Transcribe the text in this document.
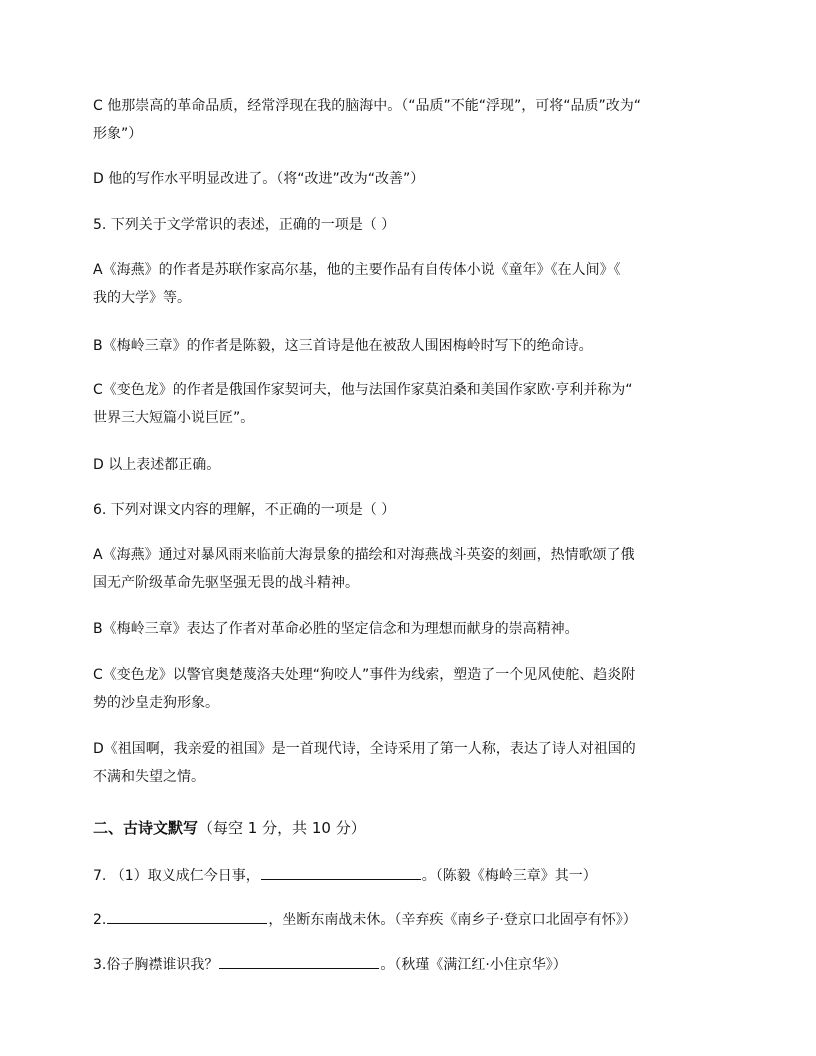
C 他那崇高的革命品质，经常浮现在我的脑海中。（“品质”不能“浮现”，可将“品质”改为“
形象”）

D 他的写作水平明显改进了。（将“改进”改为“改善”）

5. 下列关于文学常识的表述，正确的一项是（ ）

A《海燕》的作者是苏联作家高尔基，他的主要作品有自传体小说《童年》《在人间》《
我的大学》等。

B《梅岭三章》的作者是陈毅，这三首诗是他在被敌人围困梅岭时写下的绝命诗。

C《变色龙》的作者是俄国作家契诃夫，他与法国作家莫泊桑和美国作家欧·亨利并称为“
世界三大短篇小说巨匠”。

D 以上表述都正确。

6. 下列对课文内容的理解，不正确的一项是（ ）

A《海燕》通过对暴风雨来临前大海景象的描绘和对海燕战斗英姿的刻画，热情歌颂了俄
国无产阶级革命先驱坚强无畏的战斗精神。

B《梅岭三章》表达了作者对革命必胜的坚定信念和为理想而献身的崇高精神。

C《变色龙》以警官奥楚蔑洛夫处理“狗咬人”事件为线索，塑造了一个见风使舵、趋炎附
势的沙皇走狗形象。

D《祖国啊，我亲爱的祖国》是一首现代诗，全诗采用了第一人称，表达了诗人对祖国的
不满和失望之情。

二、古诗文默写（每空 1 分，共 10 分）

7. （1）取义成仁今日事，	。（陈毅《梅岭三章》其一）

2.	，坐断东南战未休。（辛弃疾《南乡子·登京口北固亭有怀》）

3.俗子胸襟谁识我？	。（秋瑾《满江红·小住京华》）
